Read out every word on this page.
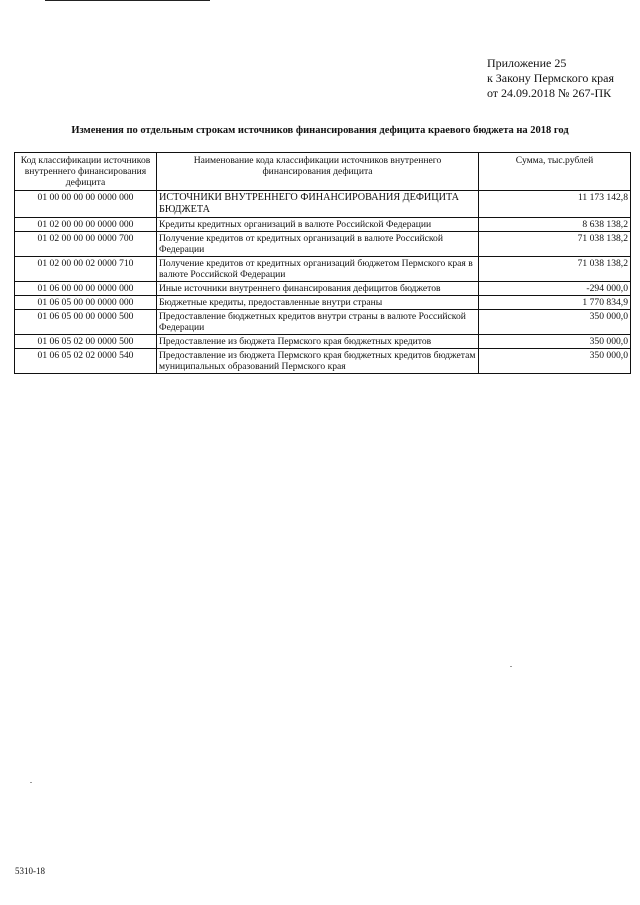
Приложение 25
к Закону Пермского края
от 24.09.2018 № 267-ПК
Изменения по отдельным строкам источников финансирования дефицита краевого бюджета на 2018 год
Код классификации источников внутреннего финансирования дефицита	Наименование кода классификации источников внутреннего финансирования дефицита	Сумма, тыс.рублей
01 00 00 00 00 0000 000	ИСТОЧНИКИ ВНУТРЕННЕГО ФИНАНСИРОВАНИЯ ДЕФИЦИТА БЮДЖЕТА	11 173 142,8
01 02 00 00 00 0000 000	Кредиты кредитных организаций в валюте Российской Федерации	8 638 138,2
01 02 00 00 00 0000 700	Получение кредитов от кредитных организаций в валюте Российской Федерации	71 038 138,2
01 02 00 00 02 0000 710	Получение кредитов от кредитных организаций бюджетом Пермского края в валюте Российской Федерации	71 038 138,2
01 06 00 00 00 0000 000	Иные источники внутреннего финансирования дефицитов бюджетов	-294 000,0
01 06 05 00 00 0000 000	Бюджетные кредиты, предоставленные внутри страны	1 770 834,9
01 06 05 00 00 0000 500	Предоставление бюджетных кредитов внутри страны в валюте Российской Федерации	350 000,0
01 06 05 02 00 0000 500	Предоставление из бюджета Пермского края бюджетных кредитов	350 000,0
01 06 05 02 02 0000 540	Предоставление из бюджета Пермского края бюджетных кредитов бюджетам муниципальных образований Пермского края	350 000,0
5310-18
